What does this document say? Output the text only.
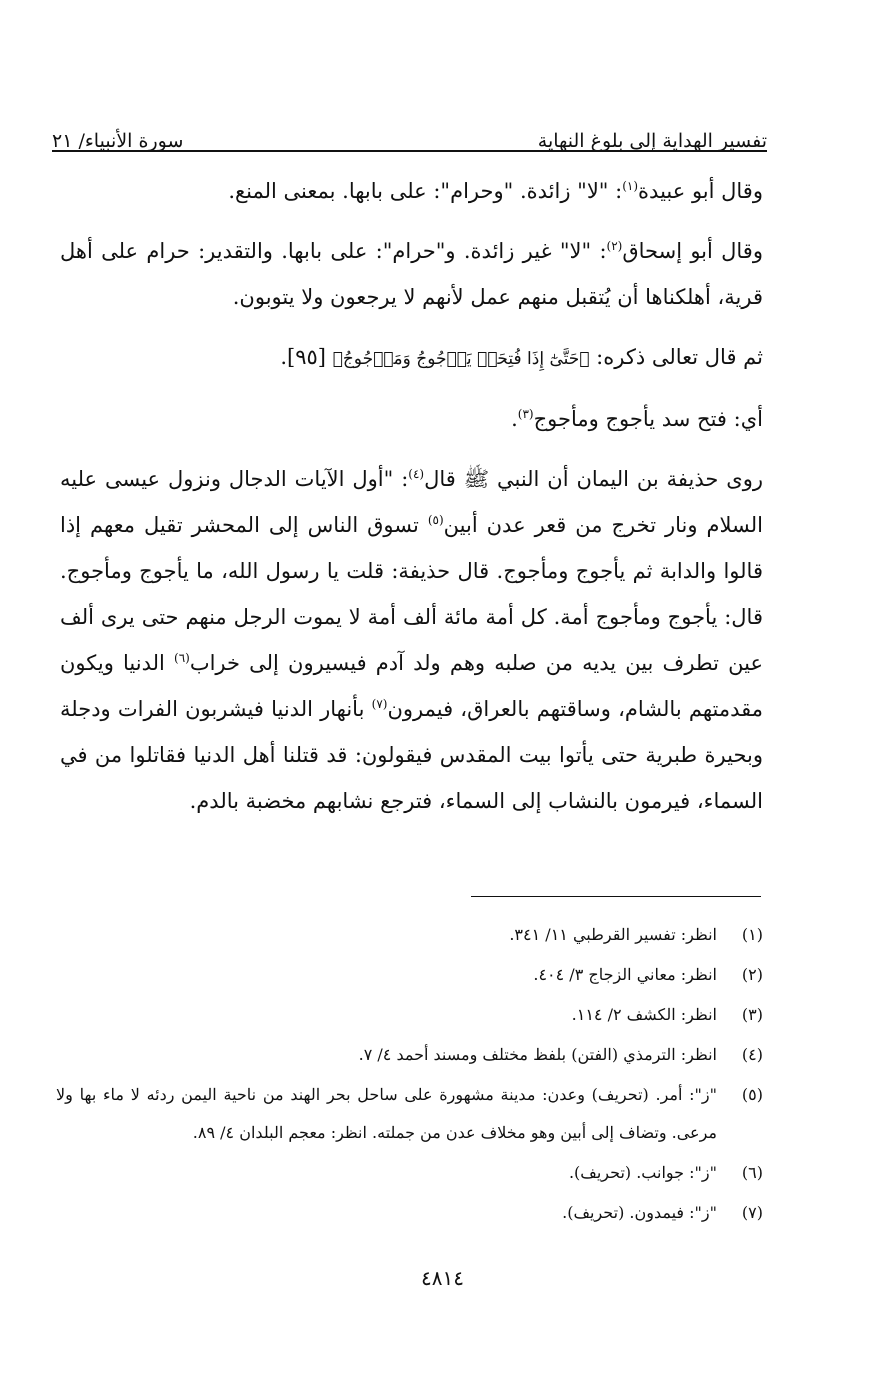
تفسير الهداية إلى بلوغ النهاية
سورة الأنبياء/ ٢١

وقال أبو عبيدة$^{(١)}$: "لا" زائدة. "وحرام": على بابها. بمعنى المنع.

وقال أبو إسحاق$^{(٢)}$: "لا" غير زائدة. و"حرام": على بابها. والتقدير: حرام على أهل قرية، أهلكناها أن يُتقبل منهم عمل لأنهم لا يرجعون ولا يتوبون.

ثم قال تعالى ذكره: ﴿حَتَّىٰٓ إِذَا فُتِحَتۡ يَأۡجُوجُ وَمَأۡجُوجُ﴾ [٩٥].

أي: فتح سد يأجوج ومأجوج$^{(٣)}$.

روى حذيفة بن اليمان أن النبي ﷺ قال$^{(٤)}$: "أول الآيات الدجال ونزول عيسى عليه السلام ونار تخرج من قعر عدن أبين$^{(٥)}$ تسوق الناس إلى المحشر تقيل معهم إذا قالوا والدابة ثم يأجوج ومأجوج. قال حذيفة: قلت يا رسول الله، ما يأجوج ومأجوج. قال: يأجوج ومأجوج أمة. كل أمة مائة ألف أمة لا يموت الرجل منهم حتى يرى ألف عين تطرف بين يديه من صلبه وهم ولد آدم فيسيرون إلى خراب$^{(٦)}$ الدنيا ويكون مقدمتهم بالشام، وساقتهم بالعراق، فيمرون$^{(٧)}$ بأنهار الدنيا فيشربون الفرات ودجلة وبحيرة طبرية حتى يأتوا بيت المقدس فيقولون: قد قتلنا أهل الدنيا فقاتلوا من في السماء، فيرمون بالنشاب إلى السماء، فترجع نشابهم مخضبة بالدم.

(١)
انظر: تفسير القرطبي ١١/ ٣٤١.
(٢)
انظر: معاني الزجاج ٣/ ٤٠٤.
(٣)
انظر: الكشف ٢/ ١١٤.
(٤)
انظر: الترمذي (الفتن) بلفظ مختلف ومسند أحمد ٤/ ٧.
(٥)
"ز": أمر. (تحريف) وعدن: مدينة مشهورة على ساحل بحر الهند من ناحية اليمن ردئه لا ماء بها ولا مرعى. وتضاف إلى أبين وهو مخلاف عدن من جملته. انظر: معجم البلدان ٤/ ٨٩.
(٦)
"ز": جوانب. (تحريف).
(٧)
"ز": فيمدون. (تحريف).
٤٨١٤
